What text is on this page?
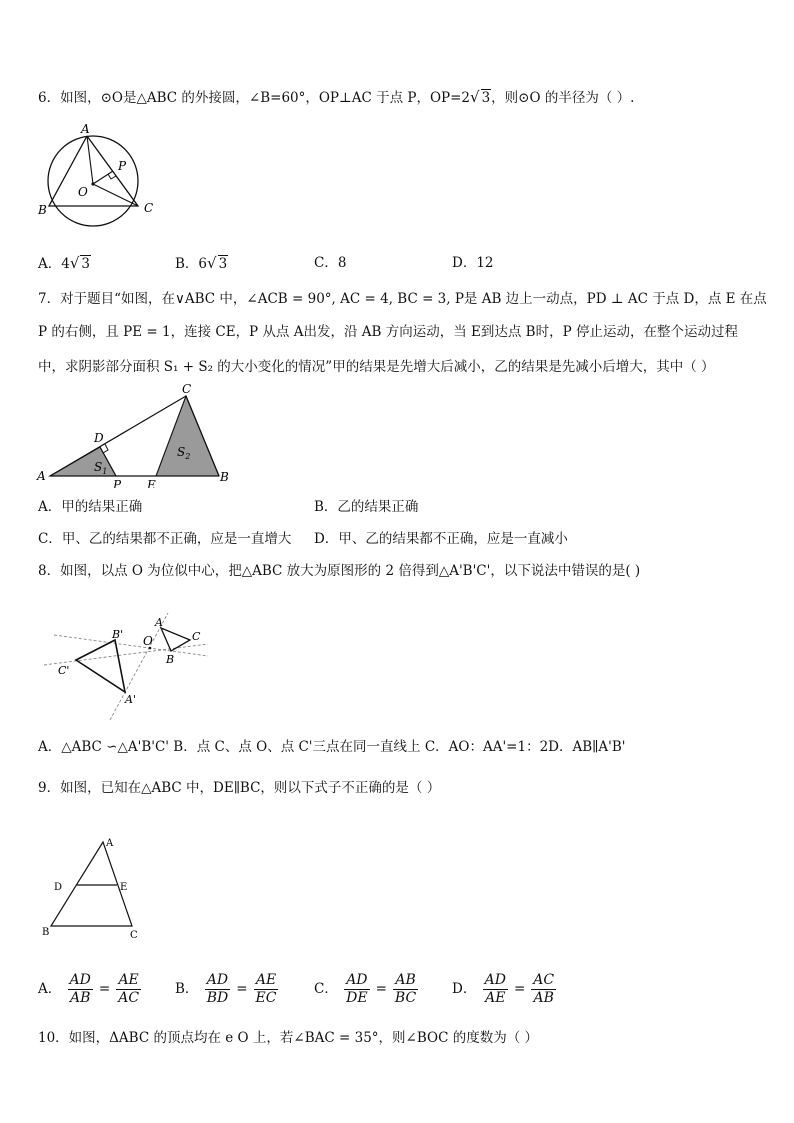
6．如图，⊙O是△ABC 的外接圆，∠B=60°，OP⊥AC 于点 P，OP=2√ 3，则⊙O 的半径为（ ）.
A
B	C
O
P
A．4√ 3	B．6√ 3	C．8	D．12
7．对于题目“如图，在∨ABC 中，∠ACB = 90°, AC = 4, BC = 3, P是 AB 边上一动点，PD ⊥ AC 于点 D，点 E 在点
P 的右侧，且 PE = 1，连接 CE，P 从点 A出发，沿 AB 方向运动，当 E到达点 B时，P 停止运动，在整个运动过程
中，求阴影部分面积 S₁ + S₂ 的大小变化的情况”甲的结果是先增大后减小，乙的结果是先减小后增大，其中（ ）
A	B
C
D
P E
$S_1$
$S_2$
A．甲的结果正确	B．乙的结果正确
C．甲、乙的结果都不正确，应是一直增大 D．甲、乙的结果都不正确，应是一直减小
8．如图，以点 O 为位似中心，把△ABC 放大为原图形的 2 倍得到△A'B'C'，以下说法中错误的是( )
O
A
B
C
B'
C'
A'
A．△ABC ∽△A'B'C' B．点 C、点 O、点 C'三点在同一直线上 C．AO：AA'=1：2D．AB∥A'B'
9．如图，已知在△ABC 中，DE∥BC，则以下式子不正确的是（ ）
A
B	C
D	E
A． $\frac{AD}{AB} = \frac{AE}{AC}$	B． $\frac{AD}{BD} = \frac{AE}{EC}$	C． $\frac{AD}{DE} = \frac{AB}{BC}$	D． $\frac{AD}{AE} = \frac{AC}{AB}$
10．如图，ΔABC 的顶点均在 e O 上，若∠BAC = 35°，则∠BOC 的度数为（ ）
